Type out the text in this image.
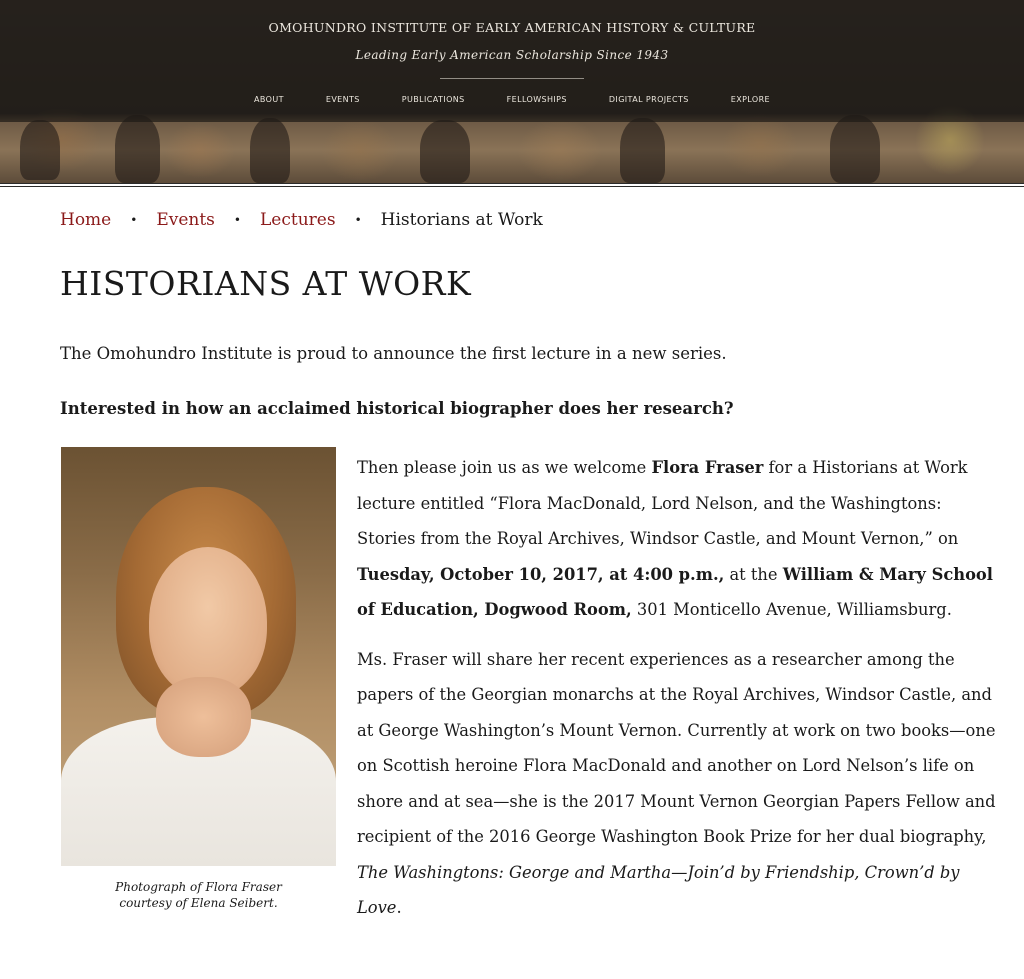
OMOHUNDRO INSTITUTE OF EARLY AMERICAN HISTORY & CULTURE
Leading Early American Scholarship Since 1943
ABOUT	EVENTS	PUBLICATIONS	FELLOWSHIPS	DIGITAL PROJECTS	EXPLORE
Home • Events • Lectures • Historians at Work
HISTORIANS AT WORK

The Omohundro Institute is proud to announce the first lecture in a new series.

Interested in how an acclaimed historical biographer does her research?

Photograph of Flora Fraser
courtesy of Elena Seibert.

Then please join us as we welcome Flora Fraser for a Historians at Work lecture entitled “Flora MacDonald, Lord Nelson, and the Washingtons: Stories from the Royal Archives, Windsor Castle, and Mount Vernon,” on Tuesday, October 10, 2017, at 4:00 p.m., at the William & Mary School of Education, Dogwood Room, 301 Monticello Avenue, Williamsburg.

Ms. Fraser will share her recent experiences as a researcher among the papers of the Georgian monarchs at the Royal Archives, Windsor Castle, and at George Washington’s Mount Vernon. Currently at work on two books—one on Scottish heroine Flora MacDonald and another on Lord Nelson’s life on shore and at sea—she is the 2017 Mount Vernon Georgian Papers Fellow and recipient of the 2016 George Washington Book Prize for her dual biography, The Washingtons: George and Martha—Join’d by Friendship, Crown’d by Love.
